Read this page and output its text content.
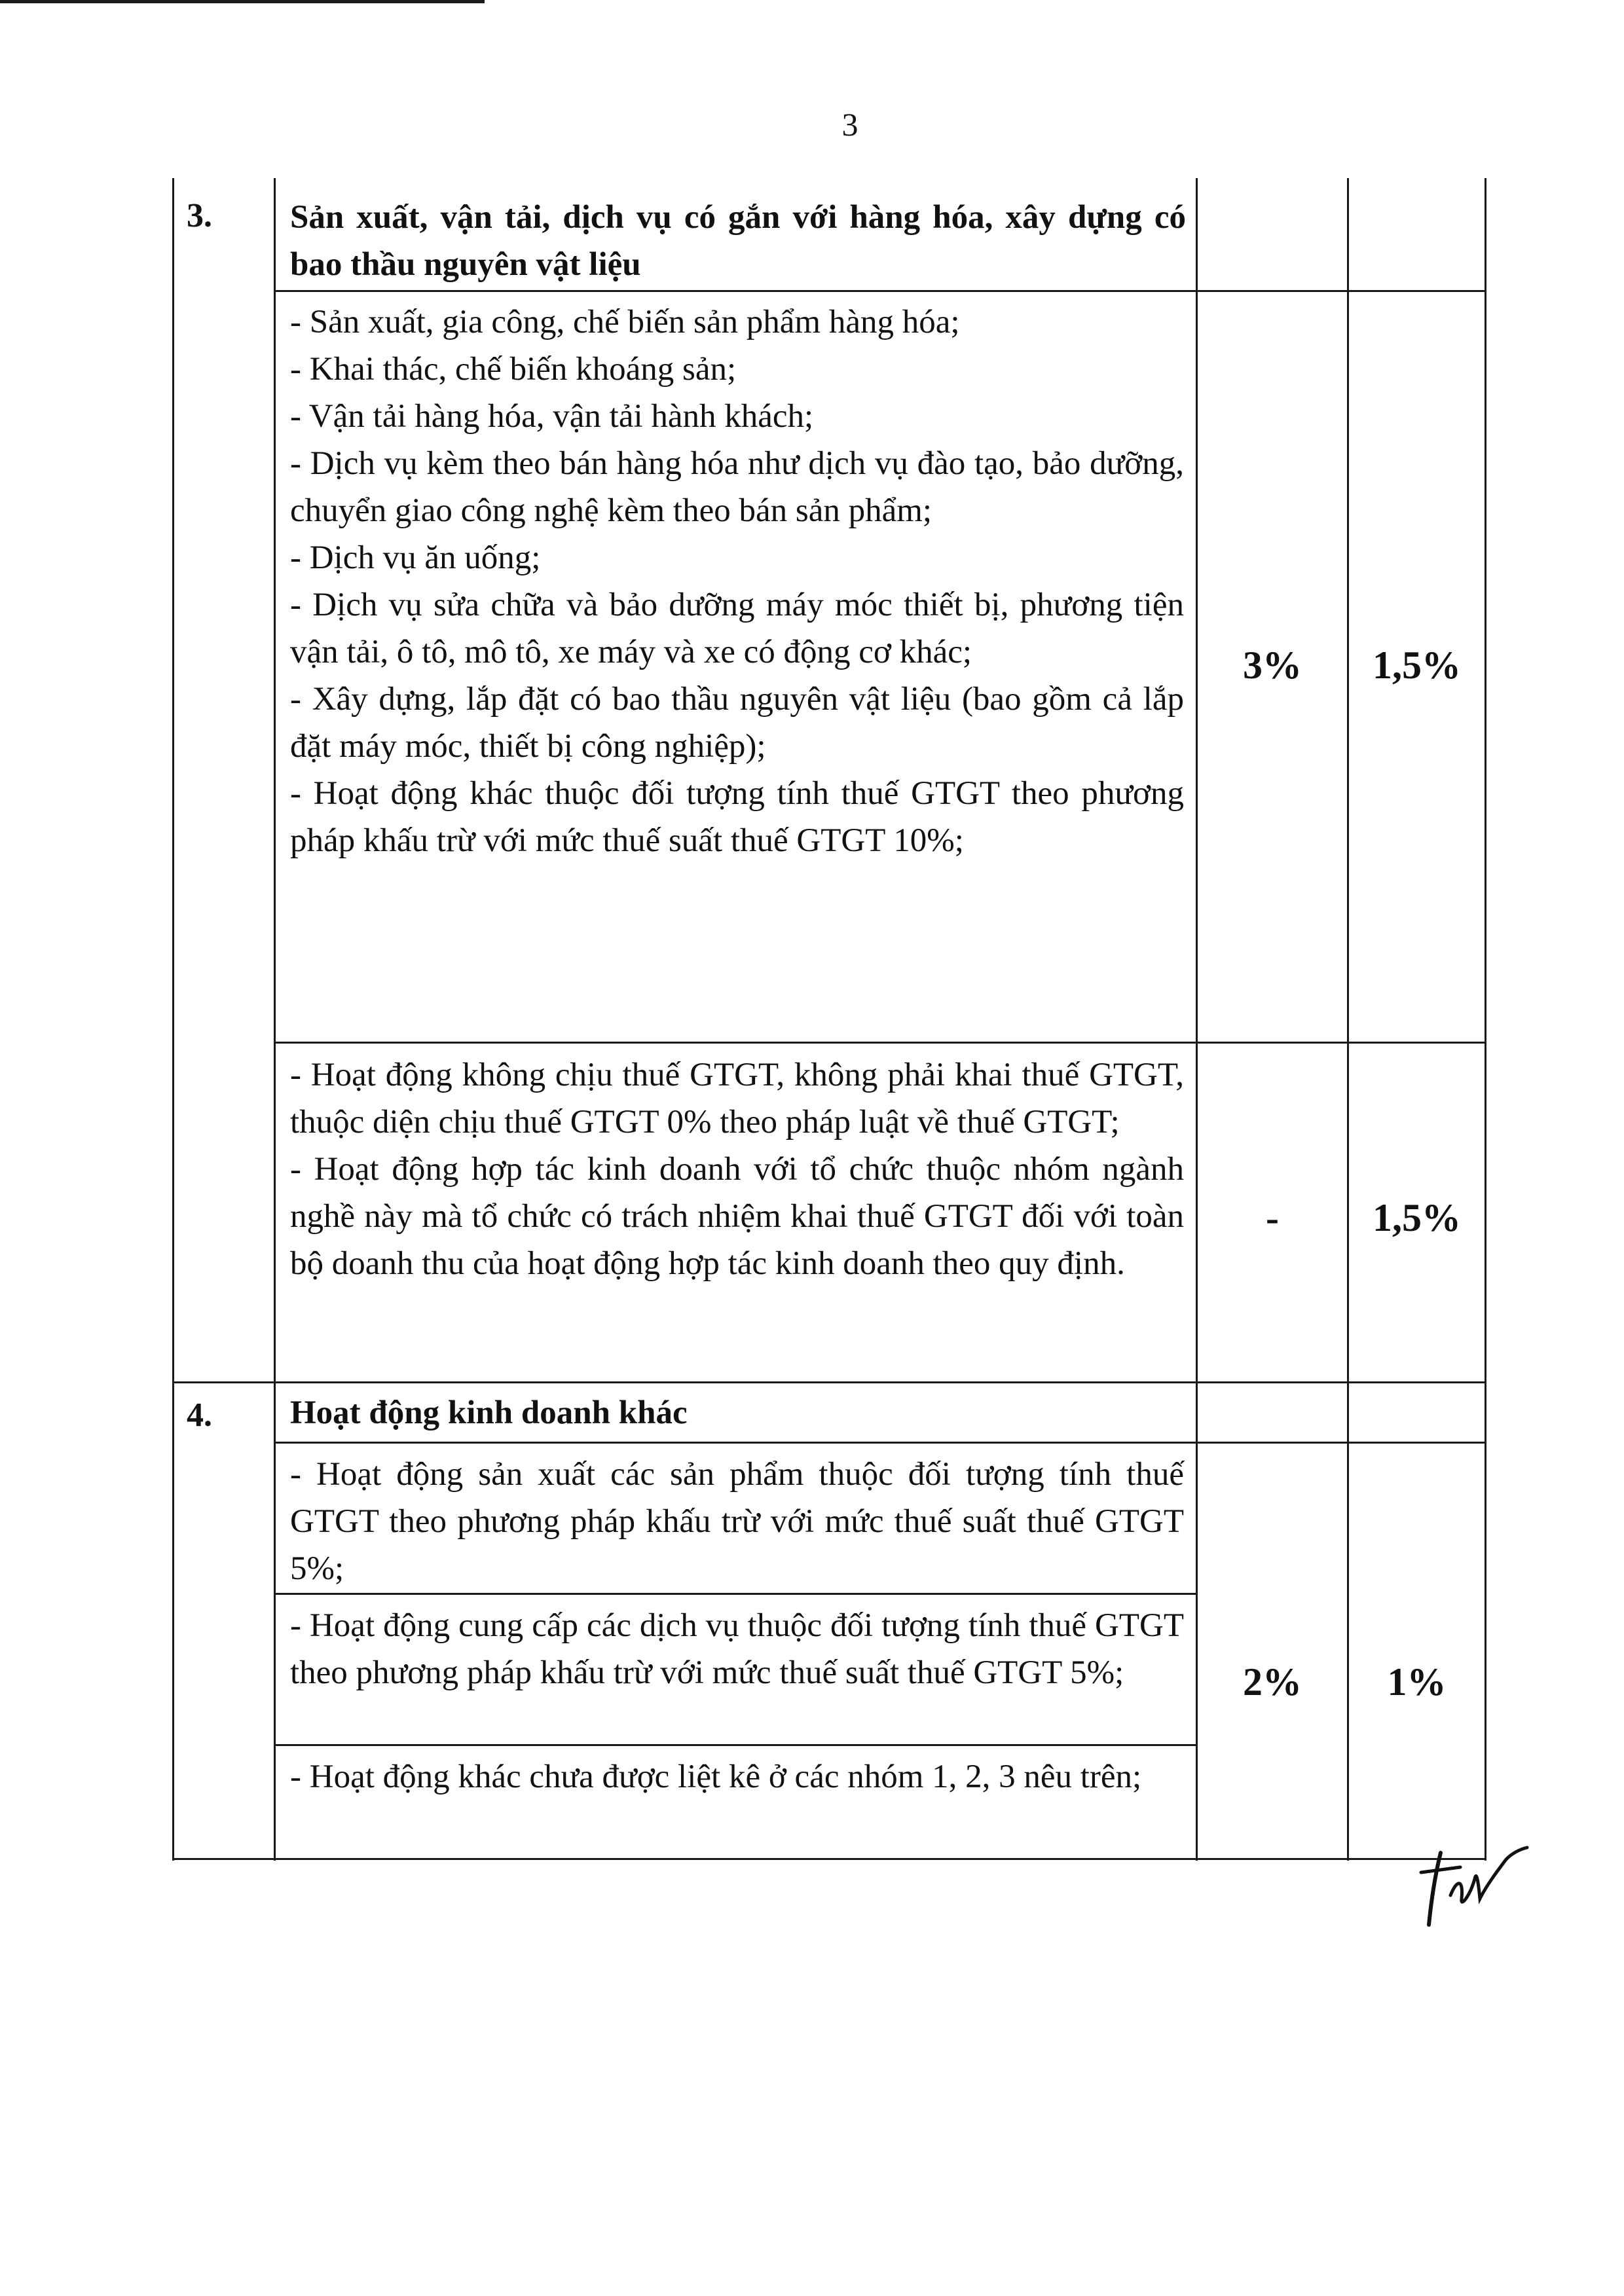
3
3. Sản xuất, vận tải, dịch vụ có gắn với hàng hóa, xây dựng có bao thầu nguyên vật liệu

- Sản xuất, gia công, chế biến sản phẩm hàng hóa;

- Khai thác, chế biến khoáng sản;

- Vận tải hàng hóa, vận tải hành khách;

- Dịch vụ kèm theo bán hàng hóa như dịch vụ đào tạo, bảo dưỡng, chuyển giao công nghệ kèm theo bán sản phẩm;

- Dịch vụ ăn uống;

- Dịch vụ sửa chữa và bảo dưỡng máy móc thiết bị, phương tiện vận tải, ô tô, mô tô, xe máy và xe có động cơ khác;

- Xây dựng, lắp đặt có bao thầu nguyên vật liệu (bao gồm cả lắp đặt máy móc, thiết bị công nghiệp);

- Hoạt động khác thuộc đối tượng tính thuế GTGT theo phương pháp khấu trừ với mức thuế suất thuế GTGT 10%;

3%	1,5%

- Hoạt động không chịu thuế GTGT, không phải khai thuế GTGT, thuộc diện chịu thuế GTGT 0% theo pháp luật về thuế GTGT;

- Hoạt động hợp tác kinh doanh với tổ chức thuộc nhóm ngành nghề này mà tổ chức có trách nhiệm khai thuế GTGT đối với toàn bộ doanh thu của hoạt động hợp tác kinh doanh theo quy định.

-	1,5%
4. Hoạt động kinh doanh khác
- Hoạt động sản xuất các sản phẩm thuộc đối tượng tính thuế GTGT theo phương pháp khấu trừ với mức thuế suất thuế GTGT 5%;
- Hoạt động cung cấp các dịch vụ thuộc đối tượng tính thuế GTGT theo phương pháp khấu trừ với mức thuế suất thuế GTGT 5%;
- Hoạt động khác chưa được liệt kê ở các nhóm 1, 2, 3 nêu trên;
2%	1%
